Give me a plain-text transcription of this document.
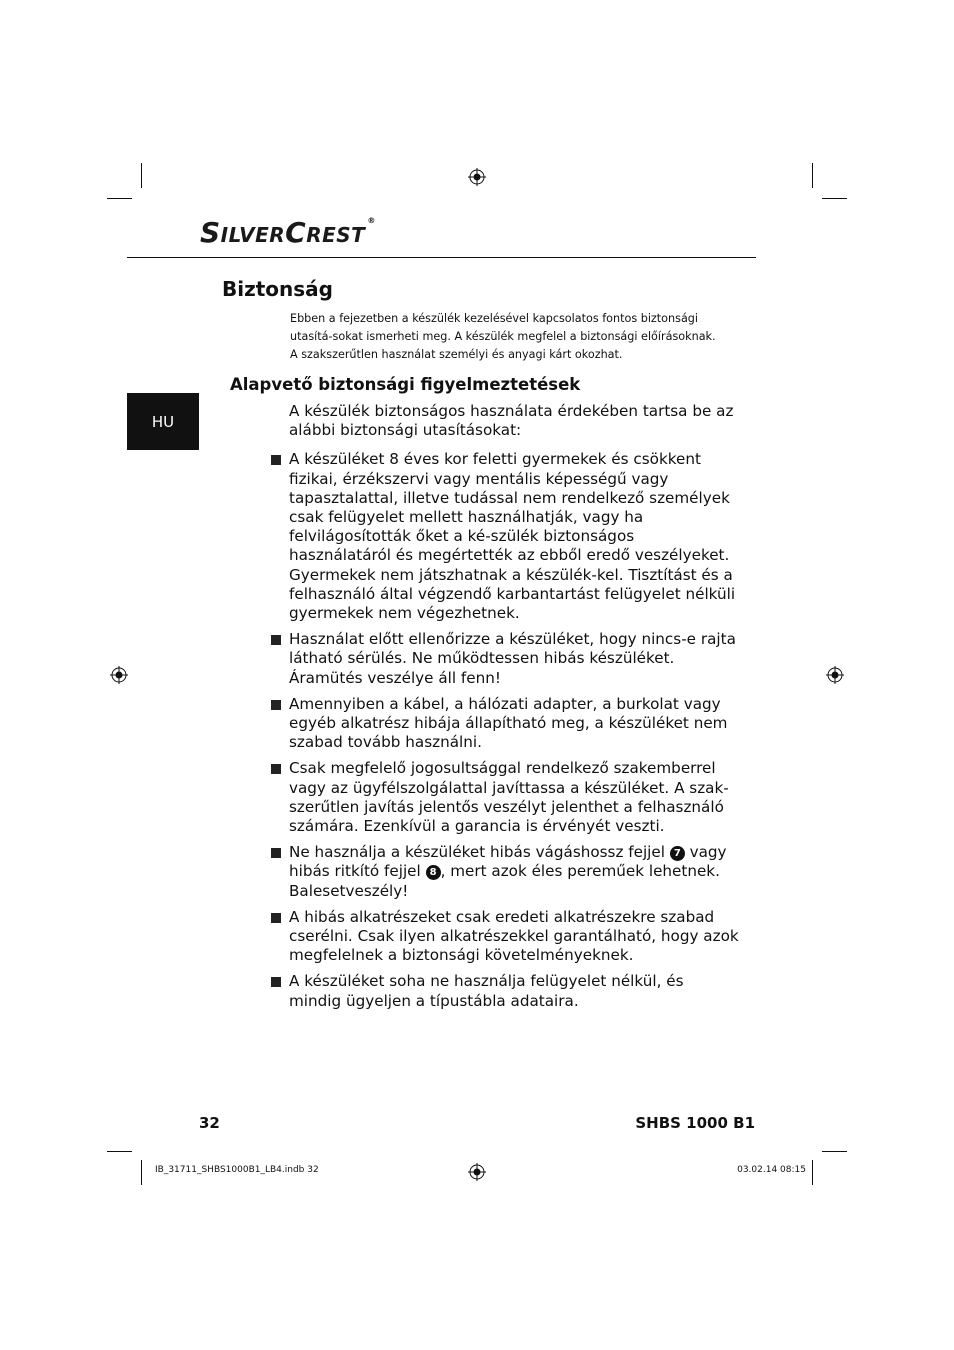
SILVERCREST®
HU
Biztonság

Ebben a fejezetben a készülék kezelésével kapcsolatos fontos biztonsági utasítá-sokat ismerheti meg. A készülék megfelel a biztonsági előírásoknak.

A szakszerűtlen használat személyi és anyagi kárt okozhat.

Alapvető biztonsági figyelmeztetések

A készülék biztonságos használata érdekében tartsa be az alábbi biztonsági utasításokat:

A készüléket 8 éves kor feletti gyermekek és csökkent fizikai, érzékszervi vagy mentális képességű vagy tapasztalattal, illetve tudással nem rendelkező személyek csak felügyelet mellett használhatják, vagy ha felvilágosították őket a ké-szülék biztonságos használatáról és megértették az ebből eredő veszélyeket. Gyermekek nem játszhatnak a készülék-kel. Tisztítást és a felhasználó által végzendő karbantartást felügyelet nélküli gyermekek nem végezhetnek.
Használat előtt ellenőrizze a készüléket, hogy nincs-e rajta látható sérülés. Ne működtessen hibás készüléket. Áramütés veszélye áll fenn!
Amennyiben a kábel, a hálózati adapter, a burkolat vagy egyéb alkatrész hibája állapítható meg, a készüléket nem szabad tovább használni.
Csak megfelelő jogosultsággal rendelkező szakemberrel vagy az ügyfélszolgálattal javíttassa a készüléket. A szak-szerűtlen javítás jelentős veszélyt jelenthet a felhasználó számára. Ezenkívül a garancia is érvényét veszti.
Ne használja a készüléket hibás vágáshossz fejjel 7 vagy hibás ritkító fejjel 8 , mert azok éles pereműek lehetnek. Balesetveszély!
A hibás alkatrészeket csak eredeti alkatrészekre szabad cserélni. Csak ilyen alkatrészekkel garantálható, hogy azok megfelelnek a biztonsági követelményeknek.
A készüléket soha ne használja felügyelet nélkül, és mindig ügyeljen a típustábla adataira.
32	SHBS 1000 B1
IB_31711_SHBS1000B1_LB4.indb 32	03.02.14 08:15
